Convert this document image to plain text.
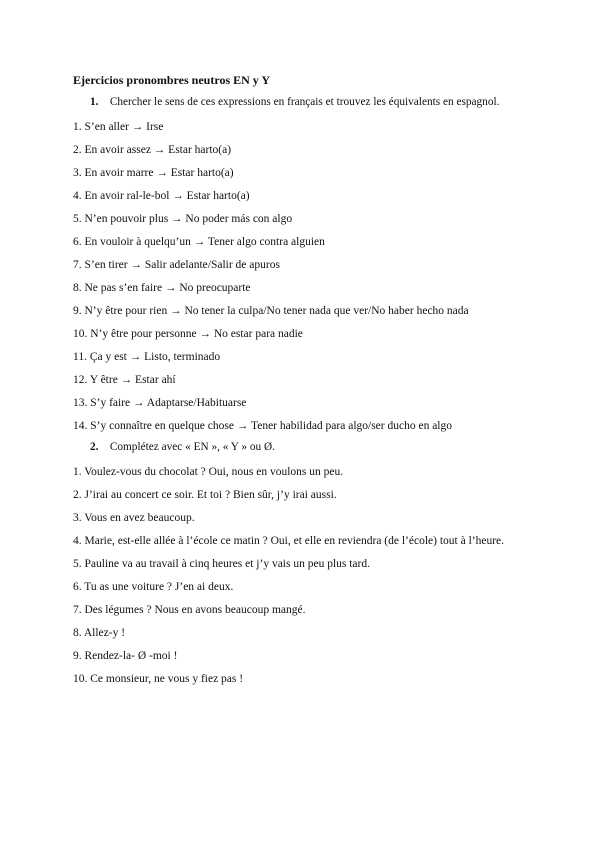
Ejercicios pronombres neutros EN y Y
1. Chercher le sens de ces expressions en français et trouvez les équivalents en espagnol.
1. S’en aller → Irse
2. En avoir assez → Estar harto(a)
3. En avoir marre → Estar harto(a)
4. En avoir ral-le-bol → Estar harto(a)
5. N’en pouvoir plus → No poder más con algo
6. En vouloir à quelqu’un → Tener algo contra alguien
7. S’en tirer → Salir adelante/Salir de apuros
8. Ne pas s’en faire → No preocuparte
9. N’y être pour rien → No tener la culpa/No tener nada que ver/No haber hecho nada
10. N’y être pour personne → No estar para nadie
11. Ça y est → Listo, terminado
12. Y être → Estar ahí
13. S’y faire → Adaptarse/Habituarse
14. S’y connaître en quelque chose → Tener habilidad para algo/ser ducho en algo
2. Complétez avec « EN », « Y » ou Ø.
1. Voulez-vous du chocolat ? Oui, nous en voulons un peu.
2. J’irai au concert ce soir. Et toi ? Bien sûr, j’y irai aussi.
3. Vous en avez beaucoup.
4. Marie, est-elle allée à l’école ce matin ? Oui, et elle en reviendra (de l’école) tout à l’heure.
5. Pauline va au travail à cinq heures et j’y vais un peu plus tard.
6. Tu as une voiture ? J’en ai deux.
7. Des légumes ? Nous en avons beaucoup mangé.
8. Allez-y !
9. Rendez-la- Ø -moi !
10. Ce monsieur, ne vous y fiez pas !
